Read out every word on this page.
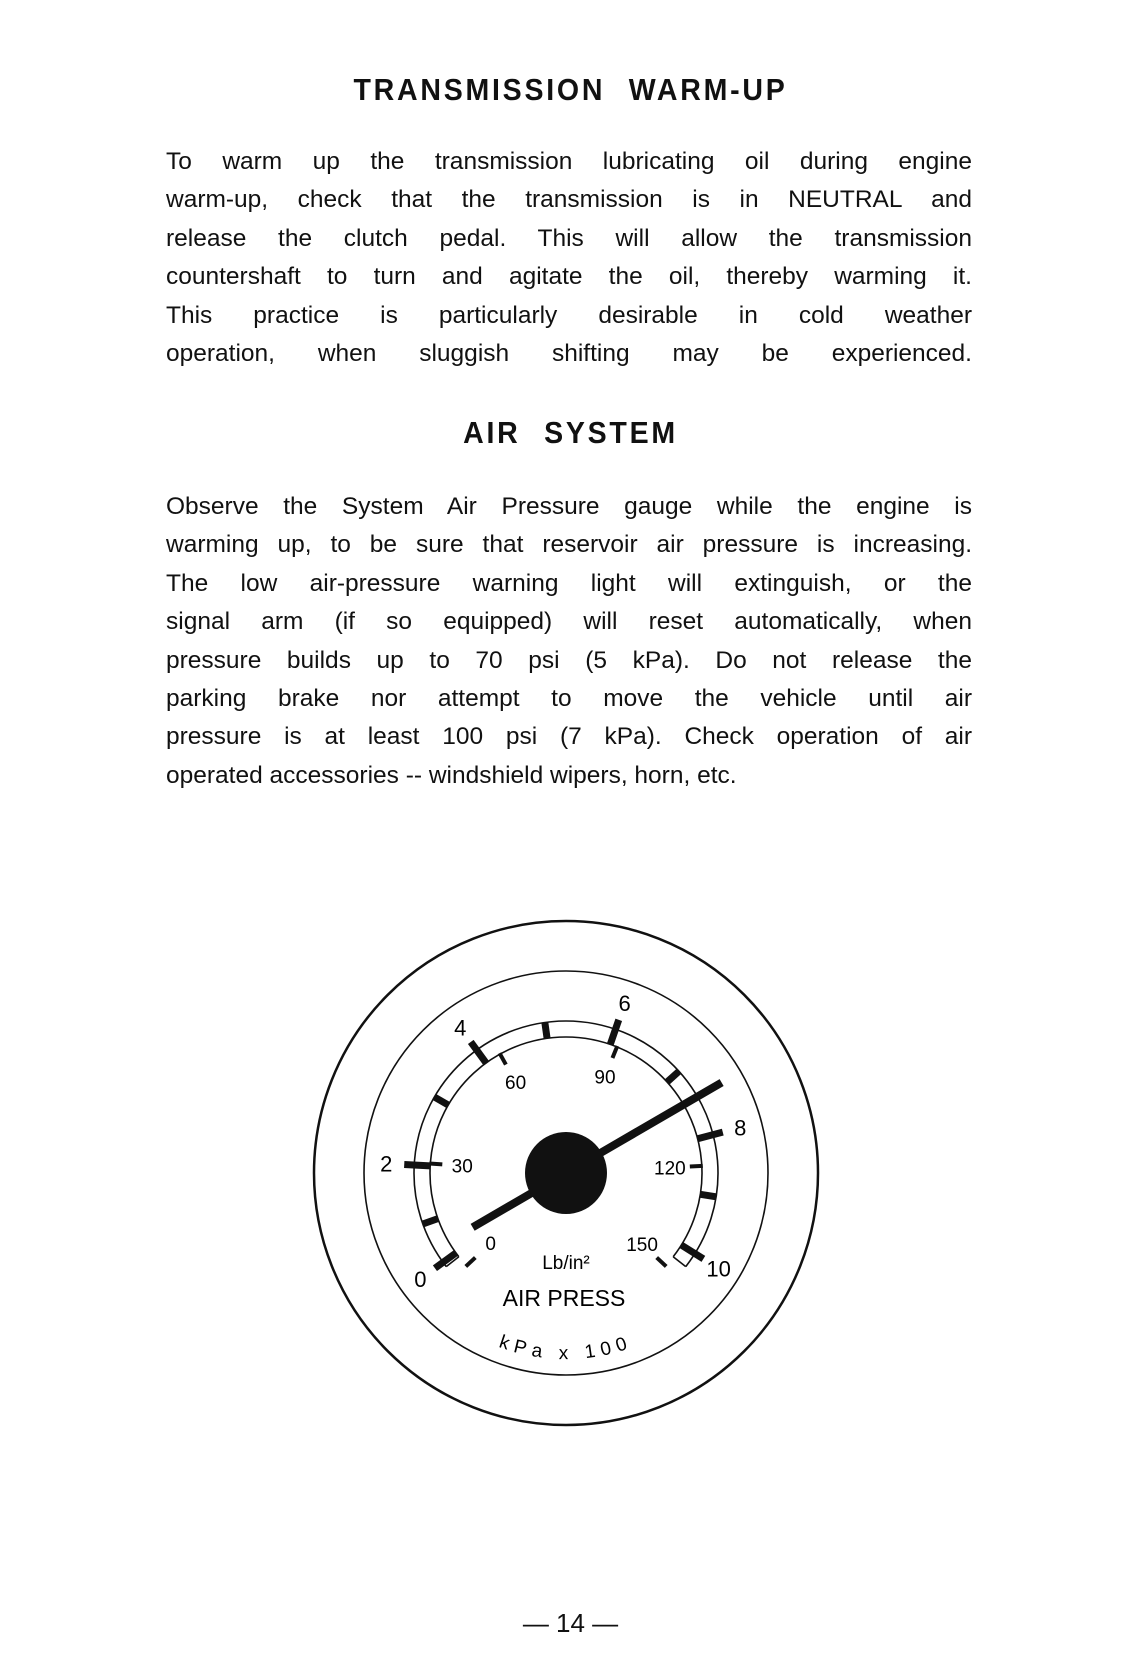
TRANSMISSION WARM-UP
To warm up the transmission lubricating oil during engine
warm-up, check that the transmission is in NEUTRAL and
release the clutch pedal. This will allow the transmission
countershaft to turn and agitate the oil, thereby warming it.
This practice is particularly desirable in cold weather
operation, when sluggish shifting may be experienced.
AIR SYSTEM
Observe the System Air Pressure gauge while the engine is
warming up, to be sure that reservoir air pressure is increasing.
The low air-pressure warning light will extinguish, or the
signal arm (if so equipped) will reset automatically, when
pressure builds up to 70 psi (5 kPa). Do not release the
parking brake nor attempt to move the vehicle until air
pressure is at least 100 psi (7 kPa). Check operation of air
operated accessories -- windshield wipers, horn, etc.
0
2
4
6
8
10
0
30
60	90
120
150
Lb/in²
AIR PRESS
kPa x 100
— 14 —
